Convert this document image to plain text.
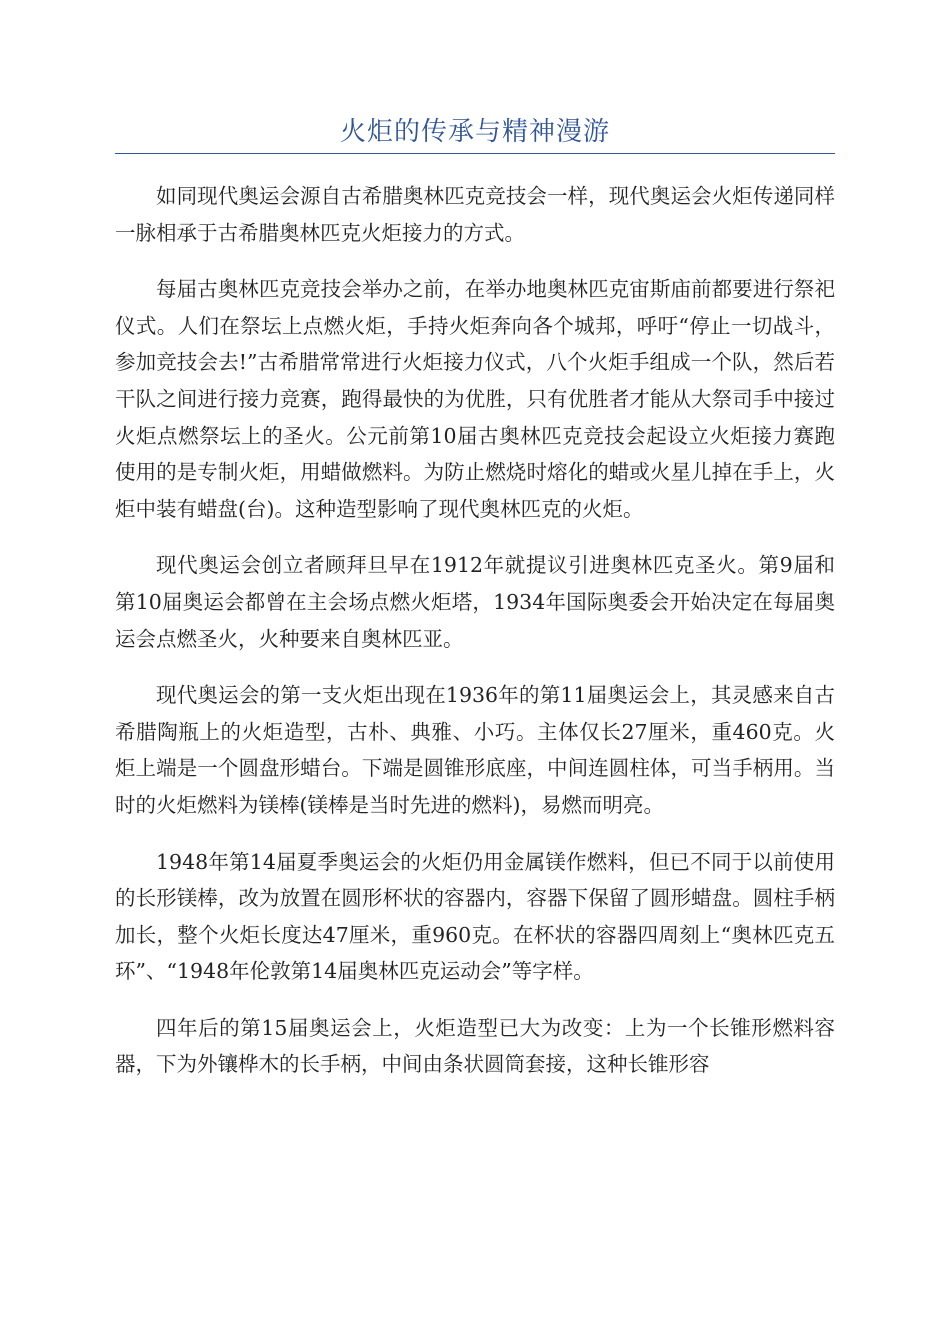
火炬的传承与精神漫游

如同现代奥运会源自古希腊奥林匹克竞技会一样，现代奥运会火炬传递同样一脉相承于古希腊奥林匹克火炬接力的方式。

每届古奥林匹克竞技会举办之前，在举办地奥林匹克宙斯庙前都要进行祭祀仪式。人们在祭坛上点燃火炬，手持火炬奔向各个城邦，呼吁“停止一切战斗，参加竞技会去!”古希腊常常进行火炬接力仪式，八个火炬手组成一个队，然后若干队之间进行接力竞赛，跑得最快的为优胜，只有优胜者才能从大祭司手中接过火炬点燃祭坛上的圣火。公元前第10届古奥林匹克竞技会起设立火炬接力赛跑使用的是专制火炬，用蜡做燃料。为防止燃烧时熔化的蜡或火星儿掉在手上，火炬中装有蜡盘(台)。这种造型影响了现代奥林匹克的火炬。

现代奥运会创立者顾拜旦早在1912年就提议引进奥林匹克圣火。第9届和第10届奥运会都曾在主会场点燃火炬塔，1934年国际奥委会开始决定在每届奥运会点燃圣火，火种要来自奥林匹亚。

现代奥运会的第一支火炬出现在1936年的第11届奥运会上，其灵感来自古希腊陶瓶上的火炬造型，古朴、典雅、小巧。主体仅长27厘米，重460克。火炬上端是一个圆盘形蜡台。下端是圆锥形底座，中间连圆柱体，可当手柄用。当时的火炬燃料为镁棒(镁棒是当时先进的燃料)，易燃而明亮。

1948年第14届夏季奥运会的火炬仍用金属镁作燃料，但已不同于以前使用的长形镁棒，改为放置在圆形杯状的容器内，容器下保留了圆形蜡盘。圆柱手柄加长，整个火炬长度达47厘米，重960克。在杯状的容器四周刻上“奥林匹克五环”、“1948年伦敦第14届奥林匹克运动会”等字样。

四年后的第15届奥运会上，火炬造型已大为改变：上为一个长锥形燃料容器，下为外镶桦木的长手柄，中间由条状圆筒套接，这种长锥形容
